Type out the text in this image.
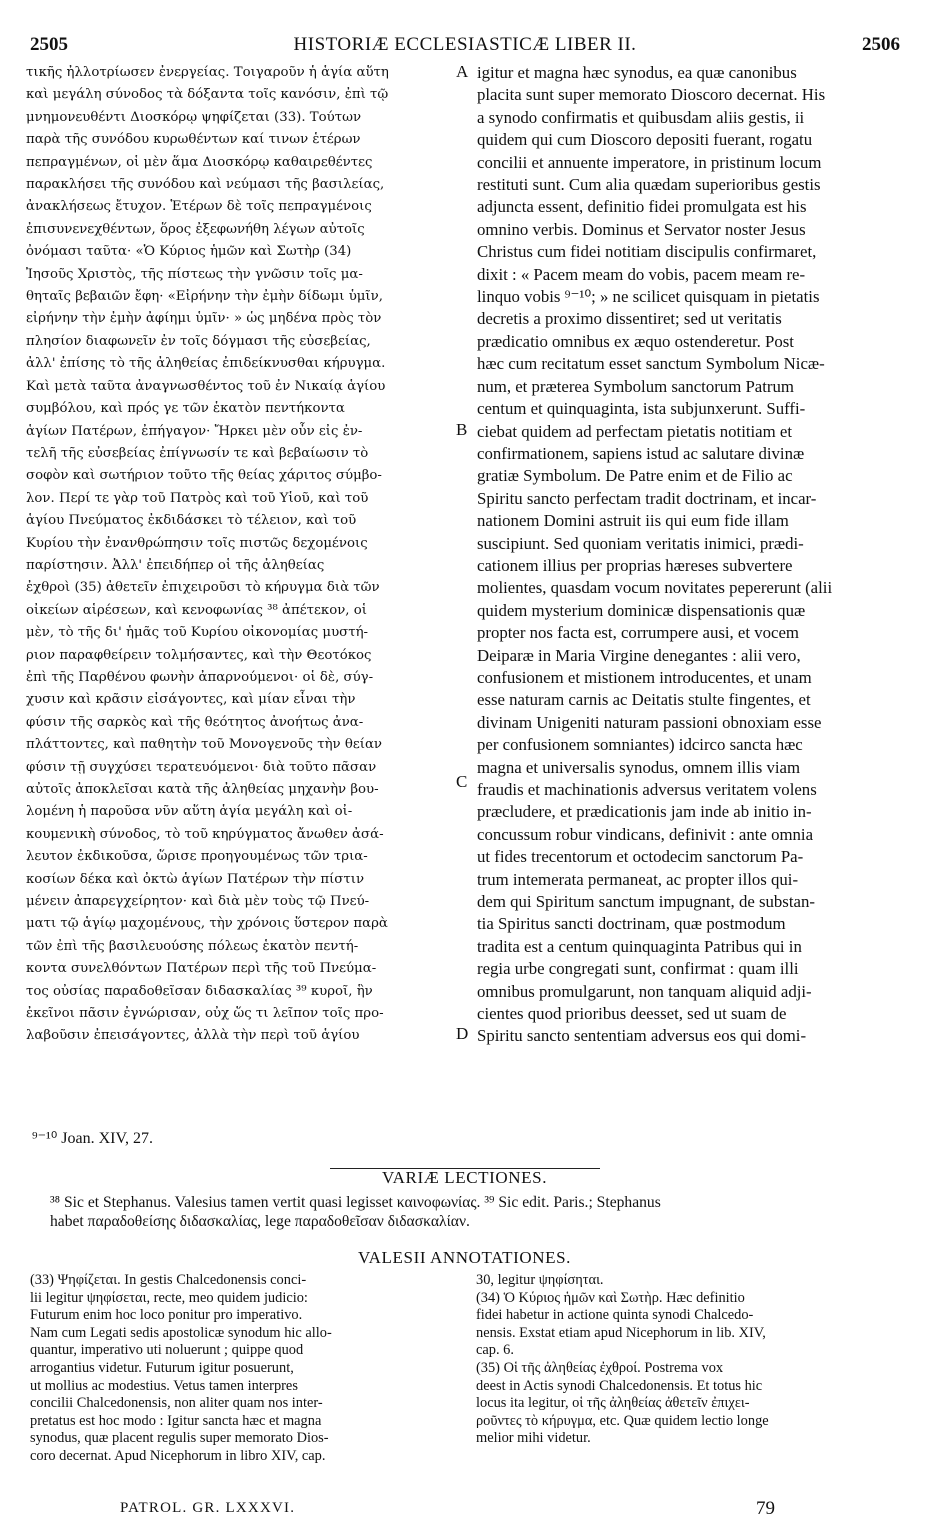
2505	HISTORIÆ ECCLESIASTICÆ LIBER II.	2506
τικῆς ἠλλοτρίωσεν ἐνεργείας. Τοιγαροῦν ἡ ἁγία αὕτη
καὶ μεγάλη σύνοδος τὰ δόξαντα τοῖς κανόσιν, ἐπὶ τῷ
μνημονευθέντι Διοσκόρῳ ψηφίζεται (33). Τούτων
παρὰ τῆς συνόδου κυρωθέντων καί τινων ἑτέρων
πεπραγμένων, οἱ μὲν ἅμα Διοσκόρῳ καθαιρεθέντες
παρακλήσει τῆς συνόδου καὶ νεύμασι τῆς βασιλείας,
ἀνακλήσεως ἔτυχον. Ἑτέρων δὲ τοῖς πεπραγμένοις
ἐπισυνενεχθέντων, ὅρος ἐξεφωνήθη λέγων αὐτοῖς
ὀνόμασι ταῦτα· «Ὁ Κύριος ἡμῶν καὶ Σωτὴρ (34)
Ἰησοῦς Χριστὸς, τῆς πίστεως τὴν γνῶσιν τοῖς μα-
θηταῖς βεβαιῶν ἔφη· «Εἰρήνην τὴν ἐμὴν δίδωμι ὑμῖν,
εἰρήνην τὴν ἐμὴν ἀφίημι ὑμῖν· » ὡς μηδένα πρὸς τὸν
πλησίον διαφωνεῖν ἐν τοῖς δόγμασι τῆς εὐσεβείας,
ἀλλ' ἐπίσης τὸ τῆς ἀληθείας ἐπιδείκνυσθαι κήρυγμα.
Καὶ μετὰ ταῦτα ἀναγνωσθέντος τοῦ ἐν Νικαίᾳ ἁγίου
συμβόλου, καὶ πρός γε τῶν ἑκατὸν πεντήκοντα
ἁγίων Πατέρων, ἐπήγαγον· Ἤρκει μὲν οὖν εἰς ἐν-
τελῆ τῆς εὐσεβείας ἐπίγνωσίν τε καὶ βεβαίωσιν τὸ
σοφὸν καὶ σωτήριον τοῦτο τῆς θείας χάριτος σύμβο-
λον. Περί τε γὰρ τοῦ Πατρὸς καὶ τοῦ Υἱοῦ, καὶ τοῦ
ἁγίου Πνεύματος ἐκδιδάσκει τὸ τέλειον, καὶ τοῦ
Κυρίου τὴν ἐνανθρώπησιν τοῖς πιστῶς δεχομένοις
παρίστησιν. Ἀλλ' ἐπειδήπερ οἱ τῆς ἀληθείας
ἐχθροὶ (35) ἀθετεῖν ἐπιχειροῦσι τὸ κήρυγμα διὰ τῶν
οἰκείων αἱρέσεων, καὶ κενοφωνίας ³⁸ ἀπέτεκον, οἱ
μὲν, τὸ τῆς δι' ἡμᾶς τοῦ Κυρίου οἰκονομίας μυστή-
ριον παραφθείρειν τολμήσαντες, καὶ τὴν Θεοτόκος
ἐπὶ τῆς Παρθένου φωνὴν ἀπαρνούμενοι· οἱ δὲ, σύγ-
χυσιν καὶ κρᾶσιν εἰσάγοντες, καὶ μίαν εἶναι τὴν
φύσιν τῆς σαρκὸς καὶ τῆς θεότητος ἀνοήτως ἀνα-
πλάττοντες, καὶ παθητὴν τοῦ Μονογενοῦς τὴν θείαν
φύσιν τῇ συγχύσει τερατευόμενοι· διὰ τοῦτο πᾶσαν
αὐτοῖς ἀποκλεῖσαι κατὰ τῆς ἀληθείας μηχανὴν βου-
λομένη ἡ παροῦσα νῦν αὕτη ἁγία μεγάλη καὶ οἰ-
κουμενικὴ σύνοδος, τὸ τοῦ κηρύγματος ἄνωθεν ἀσά-
λευτον ἐκδικοῦσα, ὥρισε προηγουμένως τῶν τρια-
κοσίων δέκα καὶ ὀκτὼ ἁγίων Πατέρων τὴν πίστιν
μένειν ἀπαρεγχείρητον· καὶ διὰ μὲν τοὺς τῷ Πνεύ-
ματι τῷ ἁγίῳ μαχομένους, τὴν χρόνοις ὕστερον παρὰ
τῶν ἐπὶ τῆς βασιλευούσης πόλεως ἑκατὸν πεντή-
κοντα συνελθόντων Πατέρων περὶ τῆς τοῦ Πνεύμα-
τος οὐσίας παραδοθεῖσαν διδασκαλίας ³⁹ κυροῖ, ἣν
ἐκεῖνοι πᾶσιν ἐγνώρισαν, οὐχ ὥς τι λεῖπον τοῖς προ-
λαβοῦσιν ἐπεισάγοντες, ἀλλὰ τὴν περὶ τοῦ ἁγίου
A
B
C
D
igitur et magna hæc synodus, ea quæ canonibus
placita sunt super memorato Dioscoro decernat. His
a synodo confirmatis et quibusdam aliis gestis, ii
quidem qui cum Dioscoro depositi fuerant, rogatu
concilii et annuente imperatore, in pristinum locum
restituti sunt. Cum alia quædam superioribus gestis
adjuncta essent, definitio fidei promulgata est his
omnino verbis. Dominus et Servator noster Jesus
Christus cum fidei notitiam discipulis confirmaret,
dixit : « Pacem meam do vobis, pacem meam re-
linquo vobis ⁹⁻¹⁰; » ne scilicet quisquam in pietatis
decretis a proximo dissentiret; sed ut veritatis
prædicatio omnibus ex æquo ostenderetur. Post
hæc cum recitatum esset sanctum Symbolum Nicæ-
num, et præterea Symbolum sanctorum Patrum
centum et quinquaginta, ista subjunxerunt. Suffi-
ciebat quidem ad perfectam pietatis notitiam et
confirmationem, sapiens istud ac salutare divinæ
gratiæ Symbolum. De Patre enim et de Filio ac
Spiritu sancto perfectam tradit doctrinam, et incar-
nationem Domini astruit iis qui eum fide illam
suscipiunt. Sed quoniam veritatis inimici, prædi-
cationem illius per proprias hæreses subvertere
molientes, quasdam vocum novitates pepererunt (alii
quidem mysterium dominicæ dispensationis quæ
propter nos facta est, corrumpere ausi, et vocem
Deiparæ in Maria Virgine denegantes : alii vero,
confusionem et mistionem introducentes, et unam
esse naturam carnis ac Deitatis stulte fingentes, et
divinam Unigeniti naturam passioni obnoxiam esse
per confusionem somniantes) idcirco sancta hæc
magna et universalis synodus, omnem illis viam
fraudis et machinationis adversus veritatem volens
præcludere, et prædicationis jam inde ab initio in-
concussum robur vindicans, definivit : ante omnia
ut fides trecentorum et octodecim sanctorum Pa-
trum intemerata permaneat, ac propter illos qui-
dem qui Spiritum sanctum impugnant, de substan-
tia Spiritus sancti doctrinam, quæ postmodum
tradita est a centum quinquaginta Patribus qui in
regia urbe congregati sunt, confirmat : quam illi
omnibus promulgarunt, non tanquam aliquid adji-
cientes quod prioribus deesset, sed ut suam de
Spiritu sancto sententiam adversus eos qui domi-
⁹⁻¹⁰ Joan. XIV, 27.
VARIÆ LECTIONES.
³⁸ Sic et Stephanus. Valesius tamen vertit quasi legisset καινοφωνίας. ³⁹ Sic edit. Paris.; Stephanus
habet παραδοθείσης διδασκαλίας, lege παραδοθεῖσαν διδασκαλίαν.
VALESII ANNOTATIONES.
(33) Ψηφίζεται. In gestis Chalcedonensis conci-
lii legitur ψηφίσεται, recte, meo quidem judicio:
Futurum enim hoc loco ponitur pro imperativo.
Nam cum Legati sedis apostolicæ synodum hic allo-
quantur, imperativo uti noluerunt ; quippe quod
arrogantius videtur. Futurum igitur posuerunt,
ut mollius ac modestius. Vetus tamen interpres
concilii Chalcedonensis, non aliter quam nos inter-
pretatus est hoc modo : Igitur sancta hæc et magna
synodus, quæ placent regulis super memorato Dios-
coro decernat. Apud Nicephorum in libro XIV, cap.
30, legitur ψηφίσηται.
(34) Ὁ Κύριος ἡμῶν καὶ Σωτὴρ. Hæc definitio
fidei habetur in actione quinta synodi Chalcedo-
nensis. Exstat etiam apud Nicephorum in lib. XIV,
cap. 6.
(35) Οἱ τῆς ἀληθείας ἐχθροί. Postrema vox
deest in Actis synodi Chalcedonensis. Et totus hic
locus ita legitur, οἱ τῆς ἀληθείας ἀθετεῖν ἐπιχει-
ροῦντες τὸ κήρυγμα, etc. Quæ quidem lectio longe
melior mihi videtur.
PATROL. GR. LXXXVI.	79
